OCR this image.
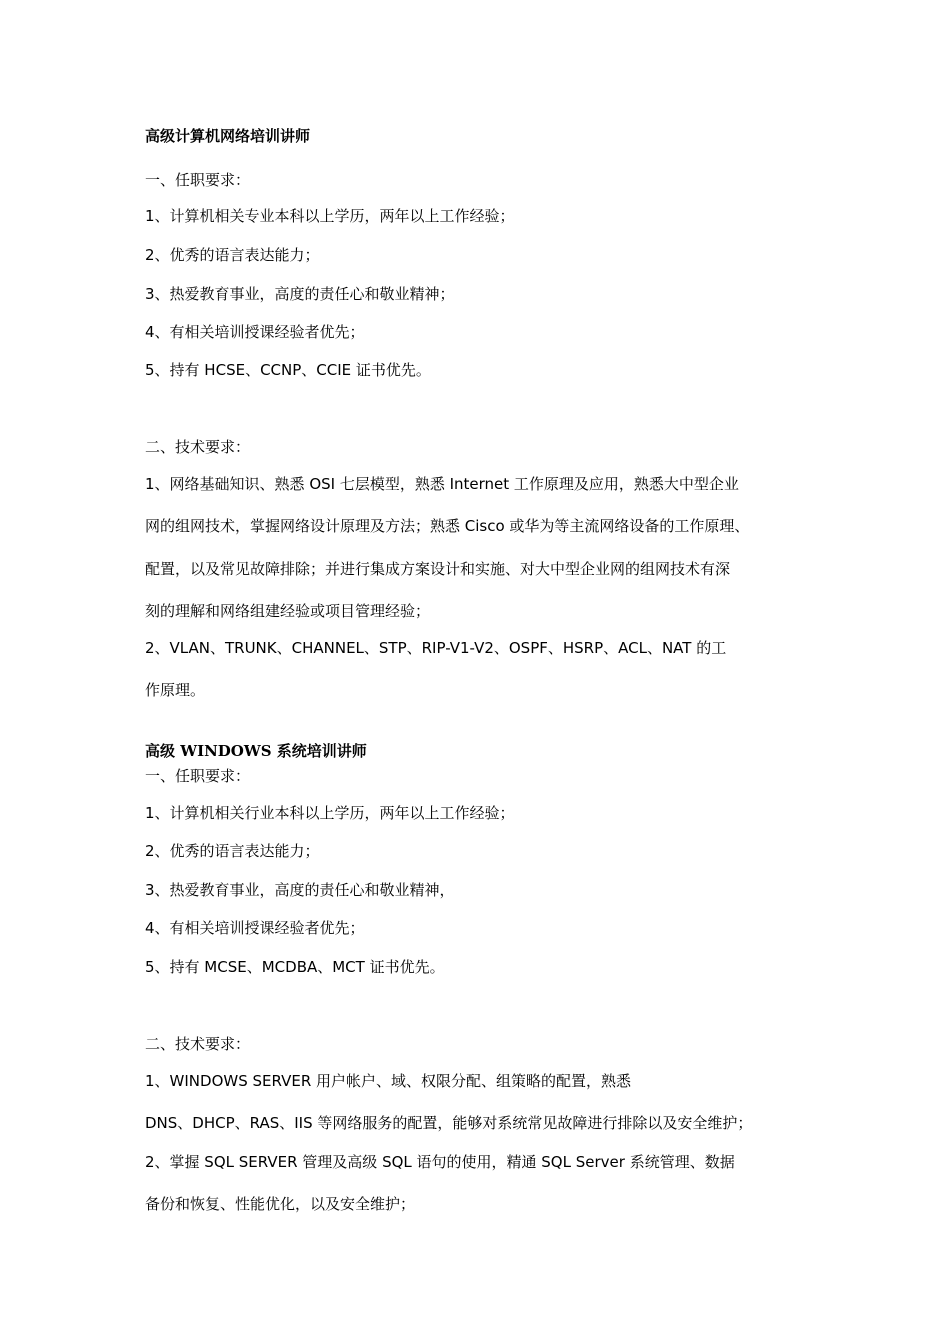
高级计算机网络培训讲师
一、任职要求：
1、计算机相关专业本科以上学历，两年以上工作经验；
2、优秀的语言表达能力；
3、热爱教育事业，高度的责任心和敬业精神；
4、有相关培训授课经验者优先；
5、持有 HCSE、CCNP、CCIE 证书优先。
二、技术要求：
1、网络基础知识、熟悉 OSI 七层模型，熟悉 Internet 工作原理及应用，熟悉大中型企业
网的组网技术，掌握网络设计原理及方法；熟悉 Cisco 或华为等主流网络设备的工作原理、
配置，以及常见故障排除；并进行集成方案设计和实施、对大中型企业网的组网技术有深
刻的理解和网络组建经验或项目管理经验；
2、VLAN、TRUNK、CHANNEL、STP、RIP-V1-V2、OSPF、HSRP、ACL、NAT 的工
作原理。
高级 WINDOWS 系统培训讲师
一、任职要求：
1、计算机相关行业本科以上学历，两年以上工作经验；
2、优秀的语言表达能力；
3、热爱教育事业，高度的责任心和敬业精神，
4、有相关培训授课经验者优先；
5、持有 MCSE、MCDBA、MCT 证书优先。
二、技术要求：
1、WINDOWS SERVER 用户帐户、域、权限分配、组策略的配置，熟悉
DNS、DHCP、RAS、IIS 等网络服务的配置，能够对系统常见故障进行排除以及安全维护；
2、掌握 SQL SERVER 管理及高级 SQL 语句的使用，精通 SQL Server 系统管理、数据
备份和恢复、性能优化，以及安全维护；
